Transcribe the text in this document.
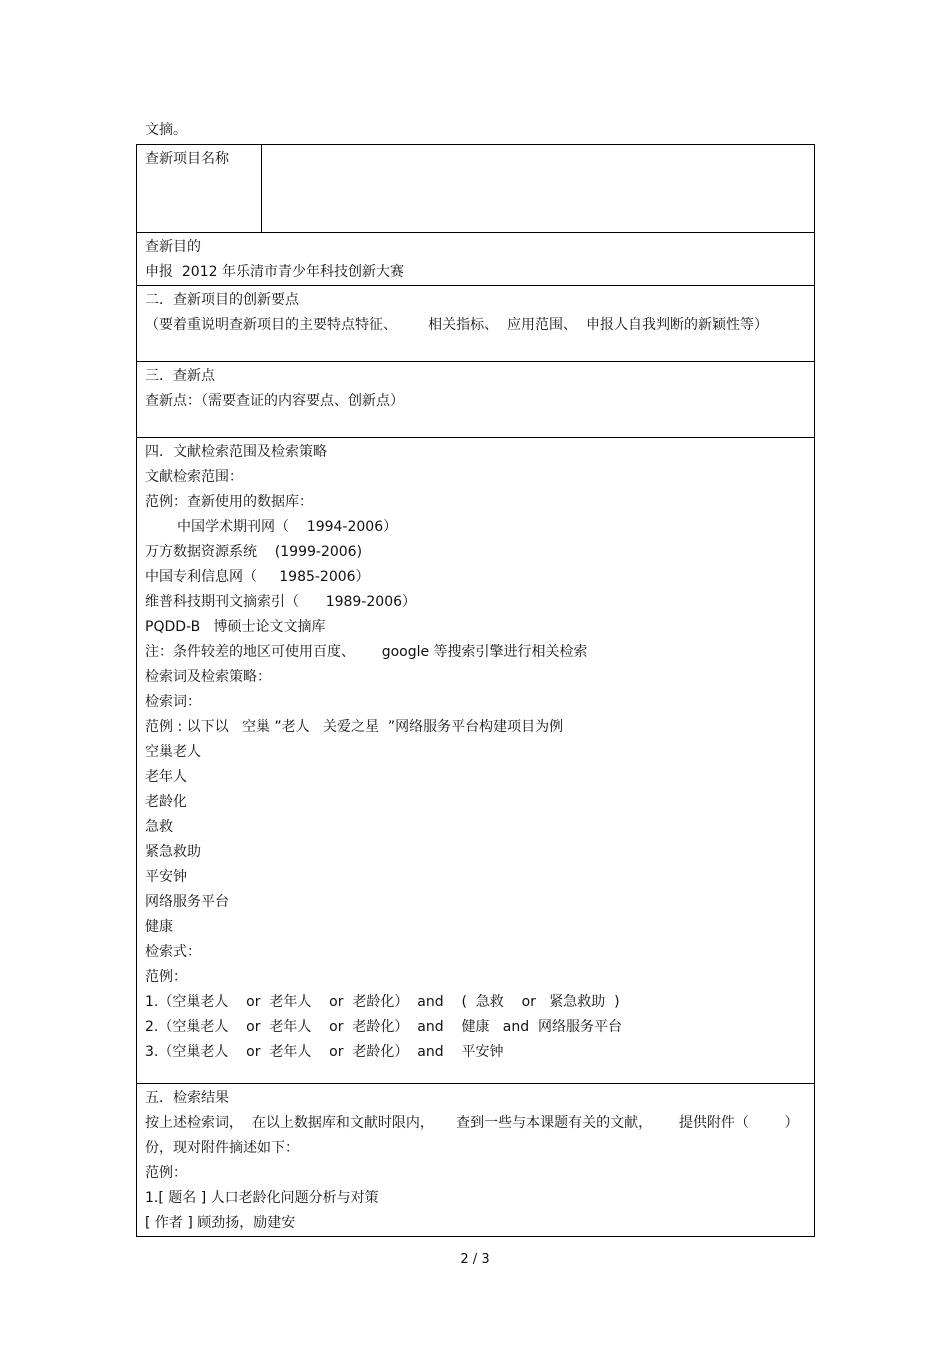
文摘。
查新项目名称

查新目的
申报  2012 年乐清市青少年科技创新大赛

二．查新项目的创新要点
（要着重说明查新项目的主要特点特征、       相关指标、  应用范围、  申报人自我判断的新颖性等）

三．查新点
查新点：（需要查证的内容要点、创新点）

四．文献检索范围及检索策略
文献检索范围：
范例：查新使用的数据库：
中国学术期刊网（    1994-2006）
万方数据资源系统    (1999-2006)
中国专利信息网（     1985-2006）
维普科技期刊文摘索引（      1989-2006）
PQDD-B   博硕士论文文摘库
注：条件较差的地区可使用百度、      google 等搜索引擎进行相关检索
检索词及检索策略：
检索词：
范例 : 以下以   空巢 ”老人   关爱之星  ”网络服务平台构建项目为例
空巢老人
老年人
老龄化
急救
紧急救助
平安钟
网络服务平台
健康
检索式：
范例：
1.（空巢老人    or  老年人    or  老龄化）  and    (  急救    or   紧急救助  )
2.（空巢老人    or  老年人    or  老龄化）  and    健康   and  网络服务平台
3.（空巢老人    or  老年人    or  老龄化）  and    平安钟

五．检索结果
按上述检索词，  在以上数据库和文献时限内，     查到一些与本课题有关的文献，      提供附件（        ）
份，现对附件摘述如下：
范例：
1.[ 题名 ] 人口老龄化问题分析与对策
[ 作者 ] 顾劲扬，励建安
2 / 3
